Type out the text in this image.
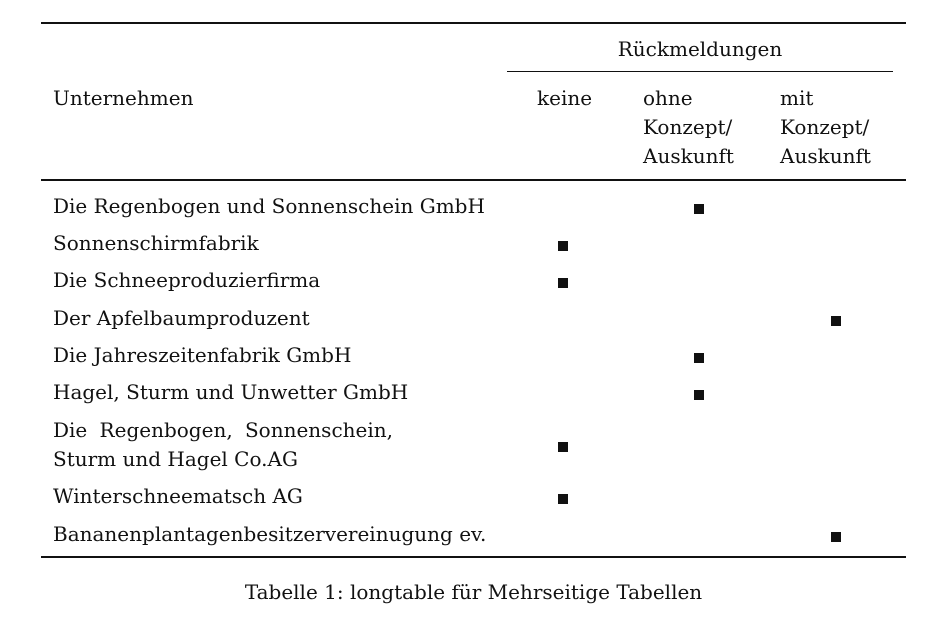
Rückmeldungen
Unternehmen	keine	ohne
Konzept/
Auskunft
mit
Konzept/
Auskunft
Die Regenbogen und Sonnenschein GmbH
Sonnenschirmfabrik
Die Schneeproduzierfirma
Der Apfelbaumproduzent
Die Jahreszeitenfabrik GmbH
Hagel, Sturm und Unwetter GmbH
Die Regenbogen, Sonnenschein, Sturm und Hagel Co.AG
Winterschneematsch AG
Bananenplantagenbesitzervereinugung ev.
Tabelle 1: longtable für Mehrseitige Tabellen
